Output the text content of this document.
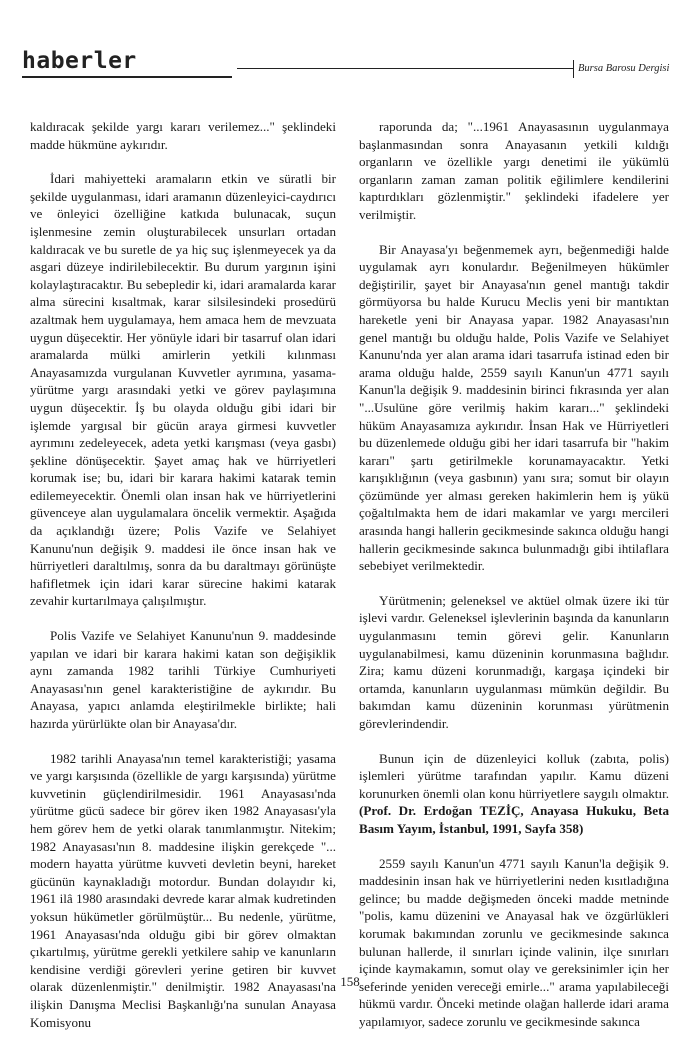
haberler	Bursa Barosu Dergisi

kaldıracak şekilde yargı kararı verilemez..." şeklindeki madde hükmüne aykırıdır.

İdari mahiyetteki aramaların etkin ve süratli bir şekilde uygulanması, idari aramanın düzenleyici-caydırıcı ve önleyici özelliğine katkıda bulunacak, suçun işlenmesine zemin oluşturabilecek unsurları ortadan kaldıracak ve bu suretle de ya hiç suç işlenmeyecek ya da asgari düzeye indirilebilecektir. Bu durum yargının işini kolaylaştıracaktır. Bu sebepledir ki, idari aramalarda karar alma sürecini kısaltmak, karar silsilesindeki prosedürü azaltmak hem uygulamaya, hem amaca hem de mevzuata uygun düşecektir. Her yönüyle idari bir tasarruf olan idari aramalarda mülki amirlerin yetkili kılınması Anayasamızda vurgulanan Kuvvetler ayrımına, yasama-yürütme yargı arasındaki yetki ve görev paylaşımına uygun düşecektir. İş bu olayda olduğu gibi idari bir işlemde yargısal bir gücün araya girmesi kuvvetler ayrımını zedeleyecek, adeta yetki karışması (veya gasbı) şekline dönüşecektir. Şayet amaç hak ve hürriyetleri korumak ise; bu, idari bir karara hakimi katarak temin edilemeyecektir. Önemli olan insan hak ve hürriyetlerini güvenceye alan uygulamalara öncelik vermektir. Aşağıda da açıklandığı üzere; Polis Vazife ve Selahiyet Kanunu'nun değişik 9. maddesi ile önce insan hak ve hürriyetleri daraltılmış, sonra da bu daraltmayı görünüşte hafifletmek için idari karar sürecine hakimi katarak zevahir kurtarılmaya çalışılmıştır.

Polis Vazife ve Selahiyet Kanunu'nun 9. maddesinde yapılan ve idari bir karara hakimi katan son değişiklik aynı zamanda 1982 tarihli Türkiye Cumhuriyeti Anayasası'nın genel karakteristiğine de aykırıdır. Bu Anayasa, yapıcı anlamda eleştirilmekle birlikte; hali hazırda yürürlükte olan bir Anayasa'dır.

1982 tarihli Anayasa'nın temel karakteristiği; yasama ve yargı karşısında (özellikle de yargı karşısında) yürütme kuvvetinin güçlendirilmesidir. 1961 Anayasası'nda yürütme gücü sadece bir görev iken 1982 Anayasası'yla hem görev hem de yetki olarak tanımlanmıştır. Nitekim; 1982 Anayasası'nın 8. maddesine ilişkin gerekçede "... modern hayatta yürütme kuvveti devletin beyni, hareket gücünün kaynakladığı motordur. Bundan dolayıdır ki, 1961 ilâ 1980 arasındaki devrede karar almak kudretinden yoksun hükümetler görülmüştür... Bu nedenle, yürütme, 1961 Anayasası'nda olduğu gibi bir görev olmaktan çıkartılmış, yürütme gerekli yetkilere sahip ve kanunların kendisine verdiği görevleri yerine getiren bir kuvvet olarak düzenlenmiştir." denilmiştir. 1982 Anayasası'na ilişkin Danışma Meclisi Başkanlığı'na sunulan Anayasa Komisyonu

raporunda da; "...1961 Anayasasının uygulanmaya başlanmasından sonra Anayasanın yetkili kıldığı organların ve özellikle yargı denetimi ile yükümlü organların zaman zaman politik eğilimlere kendilerini kaptırdıkları gözlenmiştir." şeklindeki ifadelere yer verilmiştir.

Bir Anayasa'yı beğenmemek ayrı, beğenmediği halde uygulamak ayrı konulardır. Beğenilmeyen hükümler değiştirilir, şayet bir Anayasa'nın genel mantığı takdir görmüyorsa bu halde Kurucu Meclis yeni bir mantıktan hareketle yeni bir Anayasa yapar. 1982 Anayasası'nın genel mantığı bu olduğu halde, Polis Vazife ve Selahiyet Kanunu'nda yer alan arama idari tasarrufa istinad eden bir arama olduğu halde, 2559 sayılı Kanun'un 4771 sayılı Kanun'la değişik 9. maddesinin birinci fıkrasında yer alan "...Usulüne göre verilmiş hakim kararı..." şeklindeki hüküm Anayasamıza aykırıdır. İnsan Hak ve Hürriyetleri bu düzenlemede olduğu gibi her idari tasarrufa bir "hakim kararı" şartı getirilmekle korunamayacaktır. Yetki karışıklığının (veya gasbının) yanı sıra; somut bir olayın çözümünde yer alması gereken hakimlerin hem iş yükü çoğaltılmakta hem de idari makamlar ve yargı mercileri arasında hangi hallerin gecikmesinde sakınca olduğu hangi hallerin gecikmesinde sakınca bulunmadığı gibi ihtilaflara sebebiyet verilmektedir.

Yürütmenin; geleneksel ve aktüel olmak üzere iki tür işlevi vardır. Geleneksel işlevlerinin başında da kanunların uygulanmasını temin görevi gelir. Kanunların uygulanabilmesi, kamu düzeninin korunmasına bağlıdır. Zira; kamu düzeni korunmadığı, kargaşa içindeki bir ortamda, kanunların uygulanması mümkün değildir. Bu bakımdan kamu düzeninin korunması yürütmenin görevlerindendir.

Bunun için de düzenleyici kolluk (zabıta, polis) işlemleri yürütme tarafından yapılır. Kamu düzeni korunurken önemli olan konu hürriyetlere saygılı olmaktır. (Prof. Dr. Erdoğan TEZİÇ, Anayasa Hukuku, Beta Basım Yayım, İstanbul, 1991, Sayfa 358)

2559 sayılı Kanun'un 4771 sayılı Kanun'la değişik 9. maddesinin insan hak ve hürriyetlerini neden kısıtladığına gelince; bu madde değişmeden önceki madde metninde "polis, kamu düzenini ve Anayasal hak ve özgürlükleri korumak bakımından zorunlu ve gecikmesinde sakınca bulunan hallerde, il sınırları içinde valinin, ilçe sınırları içinde kaymakamın, somut olay ve gereksinimler için her seferinde yeniden vereceği emirle..." arama yapılabileceği hükmü vardır. Önceki metinde olağan hallerde idari arama yapılamıyor, sadece zorunlu ve gecikmesinde sakınca

158
